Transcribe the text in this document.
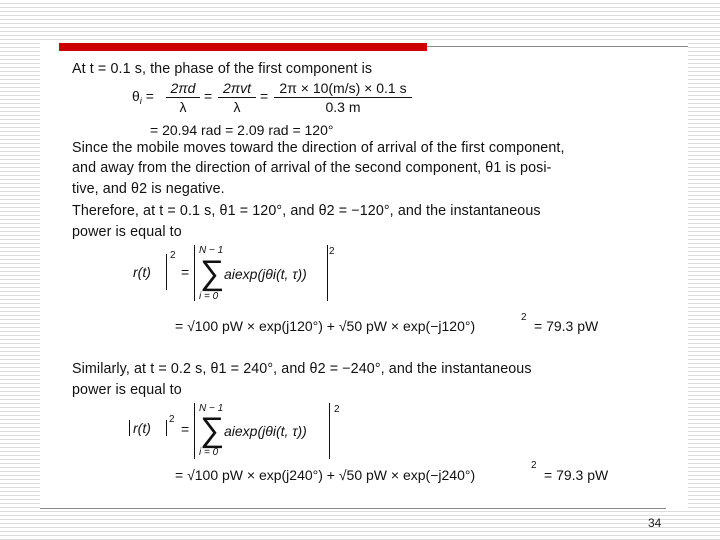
34
At t = 0.1 s, the phase of the first component is
$\theta_i$ =	2πd
λ
= 2πvt
λ
= 2π × 10(m/s) × 0.1 s
0.3 m
= 20.94 rad = 2.09 rad = 120°
Since the mobile moves toward the direction of arrival of the first component,
and away from the direction of arrival of the second component, θ1 is posi-
tive, and θ2 is negative.
Therefore, at t = 0.1 s, θ1 = 120°, and θ2 = −120°, and the instantaneous
power is equal to
r(t)
2
=
N − 1
∑
i = 0
aiexp(jθi(t, τ))
2
= √100 pW × exp(j120°) + √50 pW × exp(−j120°)
2
= 79.3 pW
Similarly, at t = 0.2 s, θ1 = 240°, and θ2 = −240°, and the instantaneous
power is equal to
r(t)
2
=
N − 1
∑
i = 0
aiexp(jθi(t, τ))
2
= √100 pW × exp(j240°) + √50 pW × exp(−j240°)
2
= 79.3 pW
